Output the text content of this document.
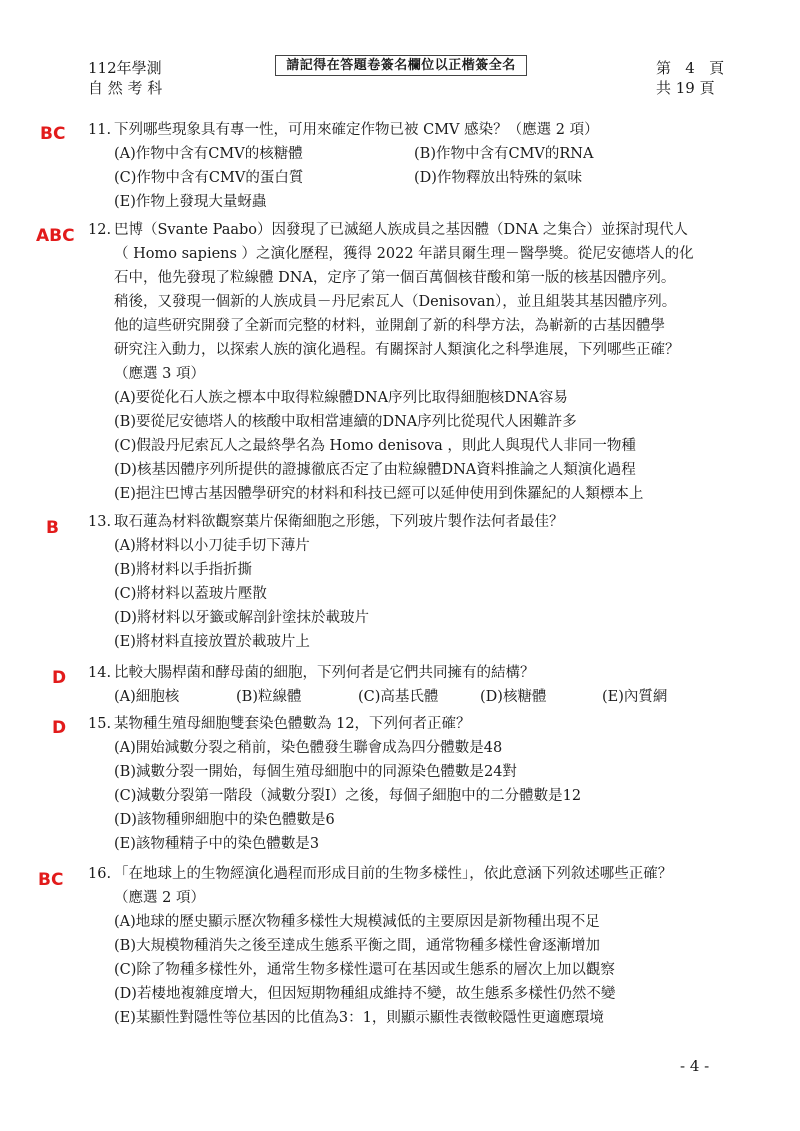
112年學測
自 然 考 科
請記得在答題卷簽名欄位以正楷簽全名	第   4   頁
共 19 頁
BC 11. 下列哪些現象具有專一性，可用來確定作物已被 CMV 感染？（應選 2 項）
(A)作物中含有CMV的核糖體	(B)作物中含有CMV的RNA
(C)作物中含有CMV的蛋白質	(D)作物釋放出特殊的氣味
(E)作物上發現大量蚜蟲
ABC 12. 巴博（Svante Paabo）因發現了已滅絕人族成員之基因體（DNA 之集合）並探討現代人
（ Homo sapiens ）之演化歷程，獲得 2022 年諾貝爾生理－醫學獎。從尼安德塔人的化
石中，他先發現了粒線體 DNA，定序了第一個百萬個核苷酸和第一版的核基因體序列。
稍後，又發現一個新的人族成員－丹尼索瓦人（Denisovan），並且組裝其基因體序列。
他的這些研究開發了全新而完整的材料，並開創了新的科學方法，為嶄新的古基因體學
研究注入動力，以探索人族的演化過程。有關探討人類演化之科學進展，下列哪些正確？
（應選 3 項）
(A)要從化石人族之標本中取得粒線體DNA序列比取得細胞核DNA容易
(B)要從尼安德塔人的核酸中取相當連續的DNA序列比從現代人困難許多
(C)假設丹尼索瓦人之最終學名為 Homo denisova ，則此人與現代人非同一物種
(D)核基因體序列所提供的證據徹底否定了由粒線體DNA資料推論之人類演化過程
(E)挹注巴博古基因體學研究的材料和科技已經可以延伸使用到侏羅紀的人類標本上
B 13. 取石蓮為材料欲觀察葉片保衛細胞之形態，下列玻片製作法何者最佳？
(A)將材料以小刀徒手切下薄片
(B)將材料以手指折撕
(C)將材料以蓋玻片壓散
(D)將材料以牙籤或解剖針塗抹於載玻片
(E)將材料直接放置於載玻片上
D 14. 比較大腸桿菌和酵母菌的細胞，下列何者是它們共同擁有的結構？
(A)細胞核	(B)粒線體	(C)高基氏體	(D)核糖體	(E)內質網
D 15. 某物種生殖母細胞雙套染色體數為 12，下列何者正確？
(A)開始減數分裂之稍前，染色體發生聯會成為四分體數是48
(B)減數分裂一開始，每個生殖母細胞中的同源染色體數是24對
(C)減數分裂第一階段（減數分裂I）之後，每個子細胞中的二分體數是12
(D)該物種卵細胞中的染色體數是6
(E)該物種精子中的染色體數是3
BC 16. 「在地球上的生物經演化過程而形成目前的生物多樣性」，依此意涵下列敘述哪些正確？
（應選 2 項）
(A)地球的歷史顯示歷次物種多樣性大規模減低的主要原因是新物種出現不足
(B)大規模物種消失之後至達成生態系平衡之間，通常物種多樣性會逐漸增加
(C)除了物種多樣性外，通常生物多樣性還可在基因或生態系的層次上加以觀察
(D)若棲地複雜度增大，但因短期物種組成維持不變，故生態系多樣性仍然不變
(E)某顯性對隱性等位基因的比值為3：1，則顯示顯性表徵較隱性更適應環境
- 4 -
